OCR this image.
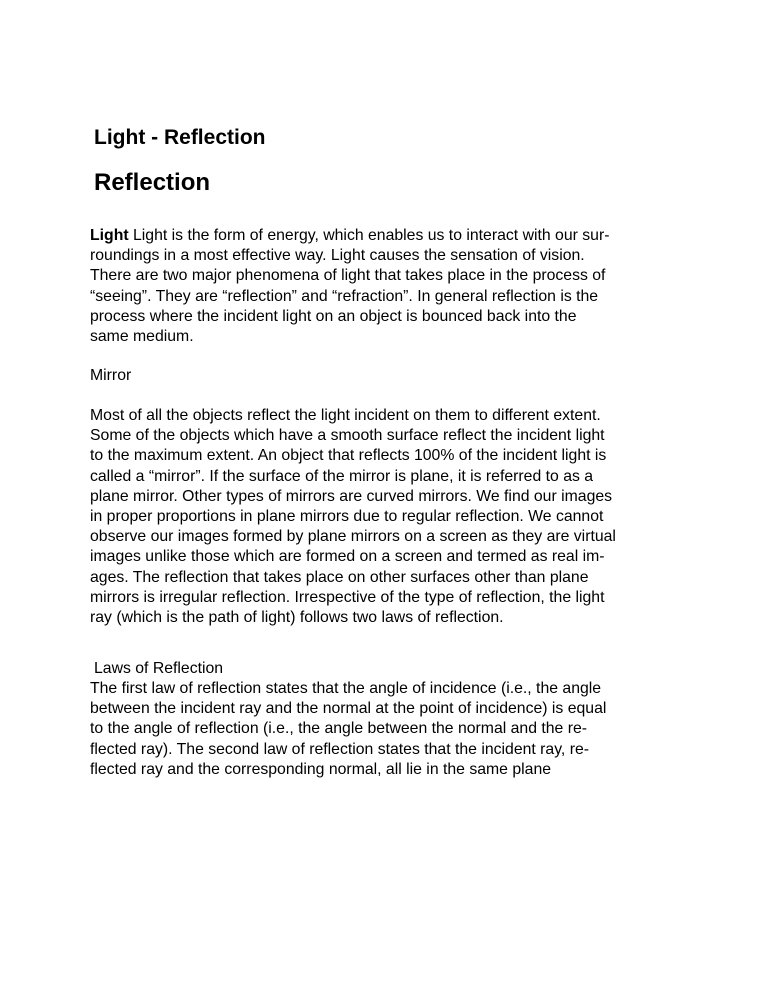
Light - Reflection
Reflection

Light Light is the form of energy, which enables us to interact with our sur-
roundings in a most effective way. Light causes the sensation of vision.
There are two major phenomena of light that takes place in the process of
“seeing”. They are “reflection” and “refraction”. In general reflection is the
process where the incident light on an object is bounced back into the
same medium.

Mirror

Most of all the objects reflect the light incident on them to different extent.
Some of the objects which have a smooth surface reflect the incident light
to the maximum extent. An object that reflects 100% of the incident light is
called a “mirror”. If the surface of the mirror is plane, it is referred to as a
plane mirror. Other types of mirrors are curved mirrors. We find our images
in proper proportions in plane mirrors due to regular reflection. We cannot
observe our images formed by plane mirrors on a screen as they are virtual
images unlike those which are formed on a screen and termed as real im-
ages. The reflection that takes place on other surfaces other than plane
mirrors is irregular reflection. Irrespective of the type of reflection, the light
ray (which is the path of light) follows two laws of reflection.

Laws of Reflection

The first law of reflection states that the angle of incidence (i.e., the angle
between the incident ray and the normal at the point of incidence) is equal
to the angle of reflection (i.e., the angle between the normal and the re-
flected ray). The second law of reflection states that the incident ray, re-
flected ray and the corresponding normal, all lie in the same plane
